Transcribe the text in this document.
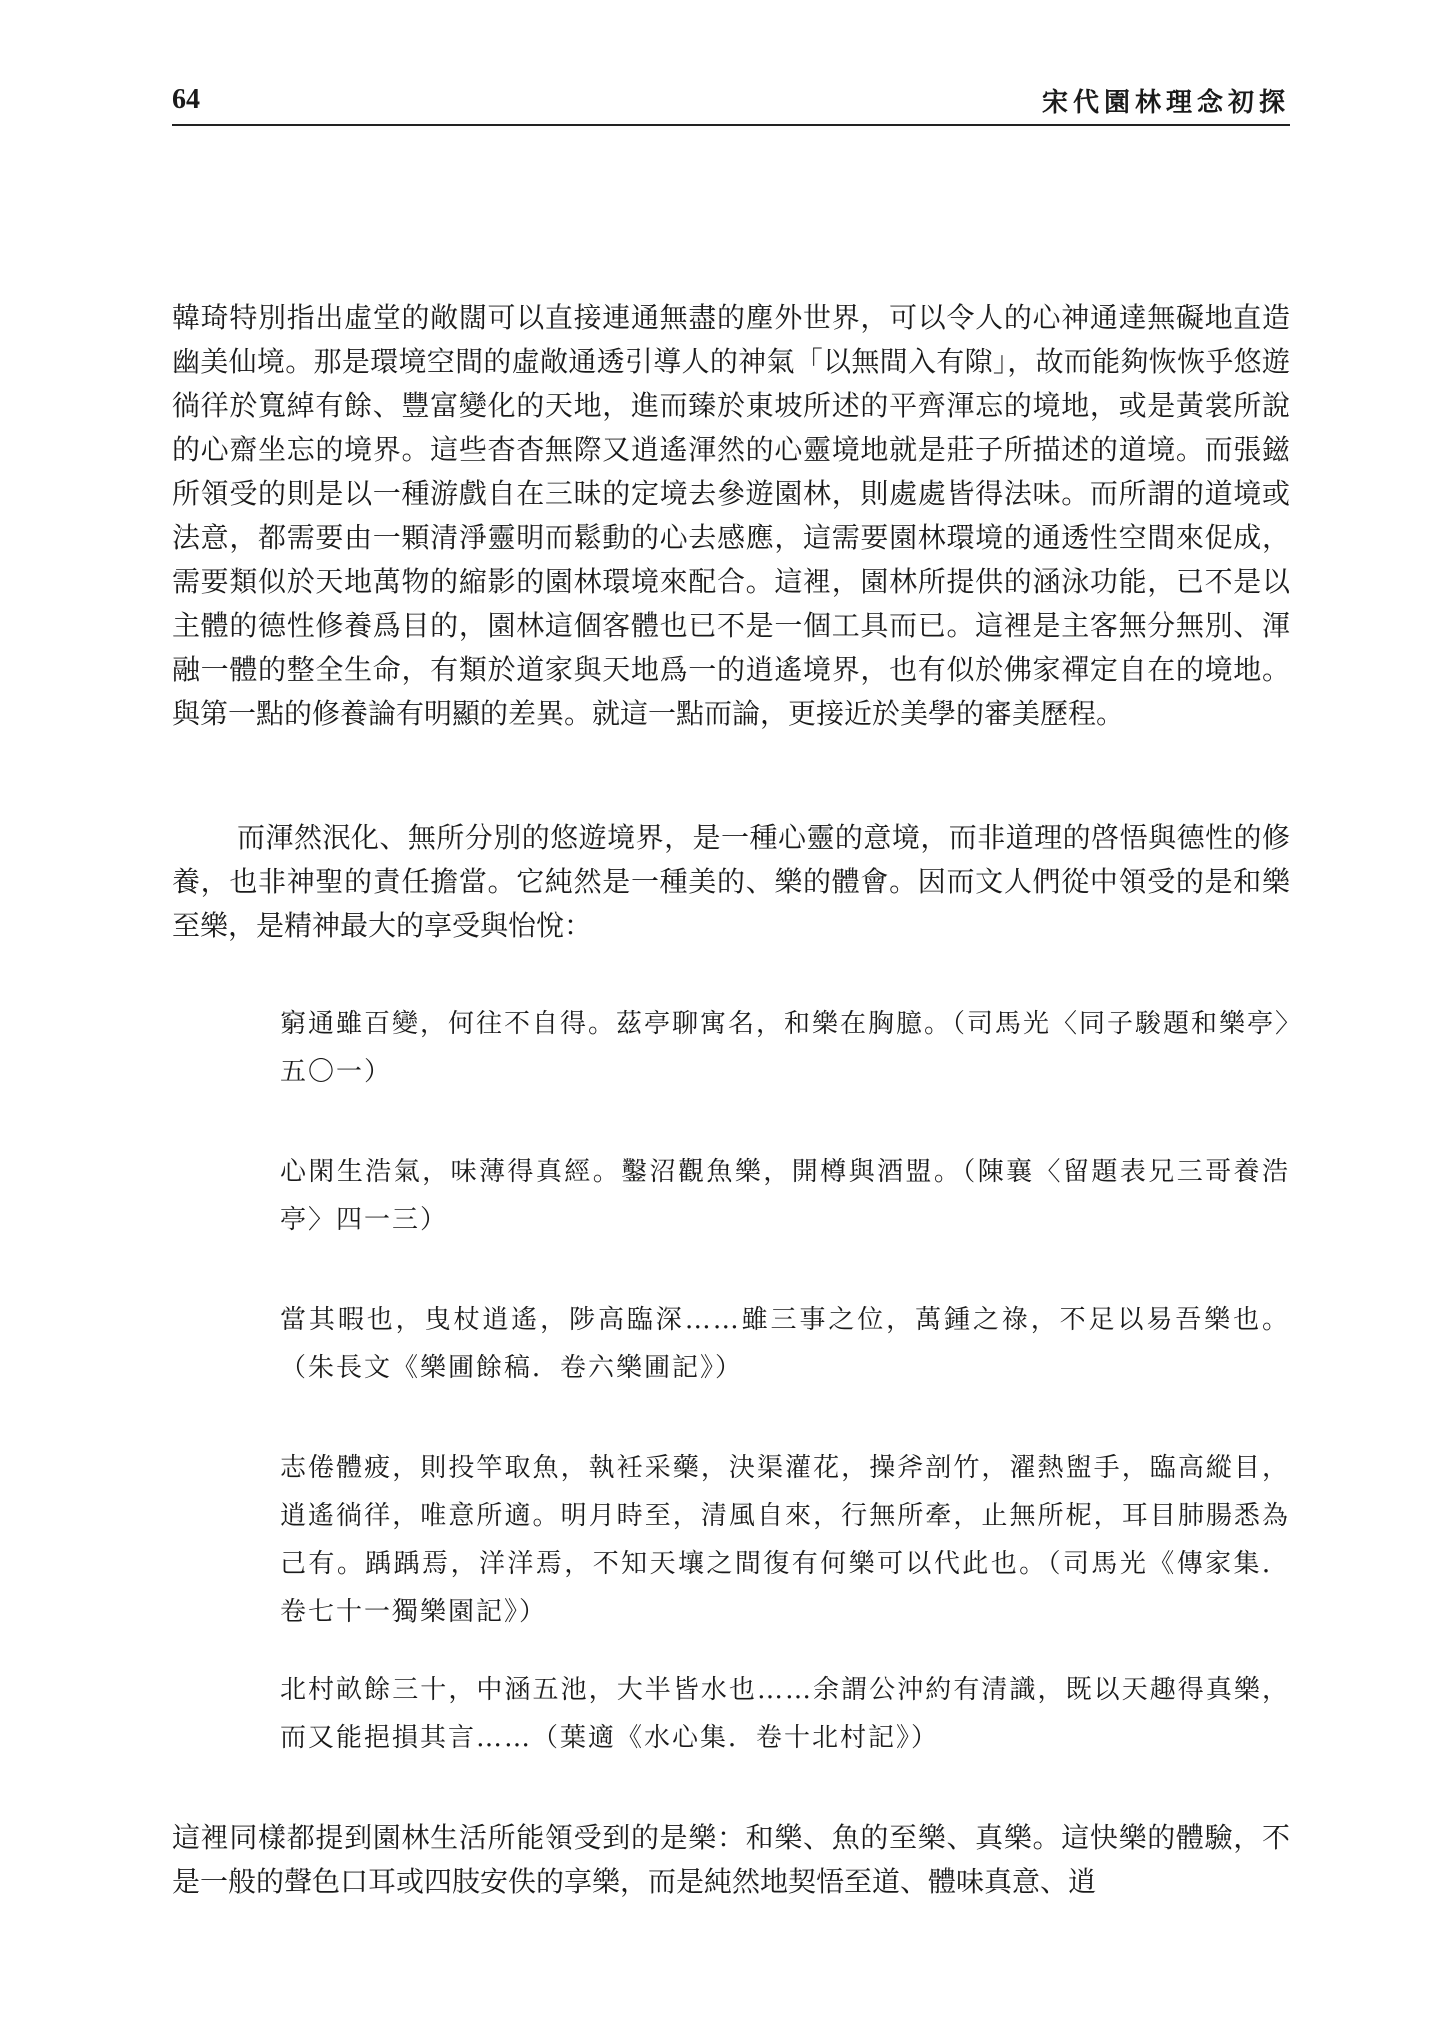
64	宋代園林理念初探

韓琦特別指出虛堂的敞闊可以直接連通無盡的塵外世界，可以令人的心神通達無礙地直造幽美仙境。那是環境空間的虛敞通透引導人的神氣「以無間入有隙」，故而能夠恢恢乎悠遊徜徉於寬綽有餘、豐富變化的天地，進而臻於東坡所述的平齊渾忘的境地，或是黃裳所說的心齋坐忘的境界。這些杳杳無際又逍遙渾然的心靈境地就是莊子所描述的道境。而張鎡所領受的則是以一種游戲自在三昧的定境去參遊園林，則處處皆得法味。而所謂的道境或法意，都需要由一顆清淨靈明而鬆動的心去感應，這需要園林環境的通透性空間來促成，需要類似於天地萬物的縮影的園林環境來配合。這裡，園林所提供的涵泳功能，已不是以主體的德性修養爲目的，園林這個客體也已不是一個工具而已。這裡是主客無分無別、渾融一體的整全生命，有類於道家與天地爲一的逍遙境界，也有似於佛家禪定自在的境地。與第一點的修養論有明顯的差異。就這一點而論，更接近於美學的審美歷程。

而渾然泯化、無所分別的悠遊境界，是一種心靈的意境，而非道理的啓悟與德性的修養，也非神聖的責任擔當。它純然是一種美的、樂的體會。因而文人們從中領受的是和樂至樂，是精神最大的享受與怡悅：

窮通雖百變，何往不自得。茲亭聊寓名，和樂在胸臆。（司馬光〈同子駿題和樂亭〉五〇一）

心閑生浩氣，味薄得真經。鑿沼觀魚樂，開樽與酒盟。（陳襄〈留題表兄三哥養浩亭〉四一三）

當其暇也，曳杖逍遙，陟高臨深……雖三事之位，萬鍾之祿，不足以易吾樂也。（朱長文《樂圃餘稿．卷六樂圃記》）

志倦體疲，則投竿取魚，執衽采藥，決渠灌花，操斧剖竹，濯熱盥手，臨高縱目，逍遙徜徉，唯意所適。明月時至，清風自來，行無所牽，止無所柅，耳目肺腸悉為己有。踽踽焉，洋洋焉，不知天壤之間復有何樂可以代此也。（司馬光《傳家集．卷七十一獨樂園記》）

北村畝餘三十，中涵五池，大半皆水也……余謂公沖約有清識，既以天趣得真樂，而又能挹損其言……（葉適《水心集．卷十北村記》）

這裡同樣都提到園林生活所能領受到的是樂：和樂、魚的至樂、真樂。這快樂的體驗，不是一般的聲色口耳或四肢安佚的享樂，而是純然地契悟至道、體味真意、逍
